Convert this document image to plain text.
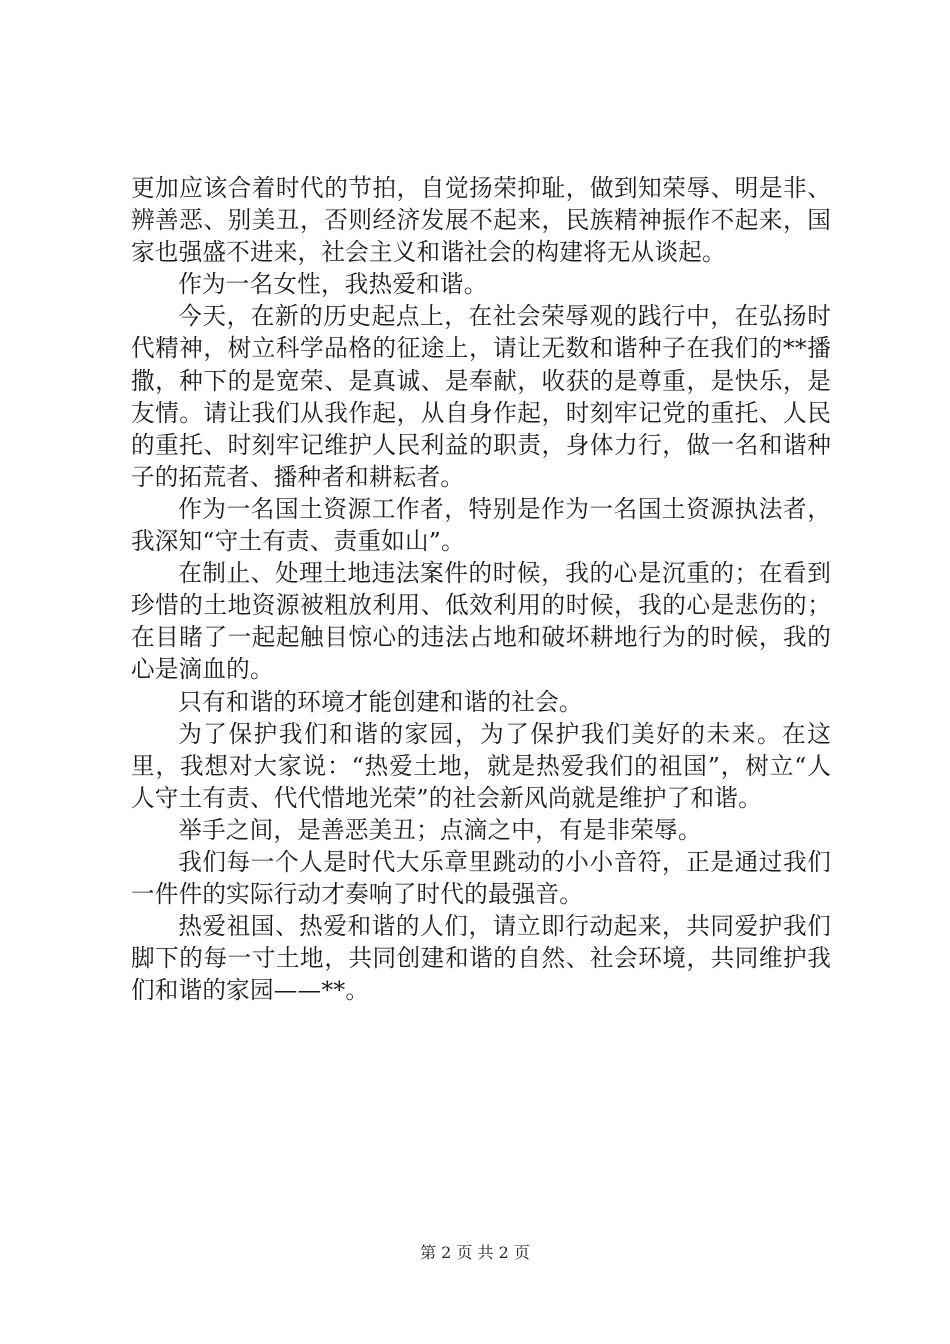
更加应该合着时代的节拍，自觉扬荣抑耻，做到知荣辱、明是非、辨善恶、别美丑，否则经济发展不起来，民族精神振作不起来，国家也强盛不进来，社会主义和谐社会的构建将无从谈起。

作为一名女性，我热爱和谐。

今天，在新的历史起点上，在社会荣辱观的践行中，在弘扬时代精神，树立科学品格的征途上，请让无数和谐种子在我们的**播撒，种下的是宽荣、是真诚、是奉献，收获的是尊重，是快乐，是友情。请让我们从我作起，从自身作起，时刻牢记党的重托、人民的重托、时刻牢记维护人民利益的职责，身体力行，做一名和谐种子的拓荒者、播种者和耕耘者。

作为一名国土资源工作者，特别是作为一名国土资源执法者，我深知“守土有责、责重如山”。

在制止、处理土地违法案件的时候，我的心是沉重的；在看到珍惜的土地资源被粗放利用、低效利用的时候，我的心是悲伤的；在目睹了一起起触目惊心的违法占地和破坏耕地行为的时候，我的心是滴血的。

只有和谐的环境才能创建和谐的社会。

为了保护我们和谐的家园，为了保护我们美好的未来。在这里，我想对大家说：“热爱土地，就是热爱我们的祖国”，树立“人人守土有责、代代惜地光荣”的社会新风尚就是维护了和谐。

举手之间，是善恶美丑；点滴之中，有是非荣辱。

我们每一个人是时代大乐章里跳动的小小音符，正是通过我们一件件的实际行动才奏响了时代的最强音。

热爱祖国、热爱和谐的人们，请立即行动起来，共同爱护我们脚下的每一寸土地，共同创建和谐的自然、社会环境，共同维护我们和谐的家园——**。

第 2 页 共 2 页
